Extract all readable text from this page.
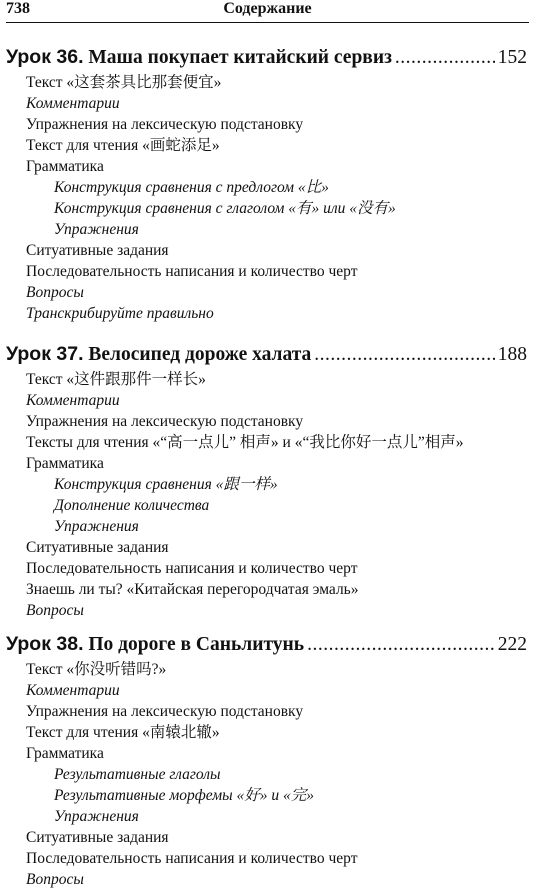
738	Содержание
Урок 36. Маша покупает китайский сервиз .....	152
Текст «这套茶具比那套便宜»
Комментарии
Упражнения на лексическую подстановку
Текст для чтения «画蛇添足»
Грамматика
Конструкция сравнения с предлогом «比»
Конструкция сравнения с глаголом «有» или «没有»
Упражнения
Ситуативные задания
Последовательность написания и количество черт
Вопросы
Транскрибируйте правильно
Урок 37. Велосипед дороже халата .....	188
Текст «这件跟那件一样长»
Комментарии
Упражнения на лексическую подстановку
Тексты для чтения «“高一点儿” 相声» и «“我比你好一点儿”相声»
Грамматика
Конструкция сравнения «跟一样»
Дополнение количества
Упражнения
Ситуативные задания
Последовательность написания и количество черт
Знаешь ли ты? «Китайская перегородчатая эмаль»
Вопросы
Урок 38. По дороге в Саньлитунь .....	222
Текст «你没听错吗?»
Комментарии
Упражнения на лексическую подстановку
Текст для чтения «南辕北辙»
Грамматика
Результативные глаголы
Результативные морфемы «好» и «完»
Упражнения
Ситуативные задания
Последовательность написания и количество черт
Вопросы
